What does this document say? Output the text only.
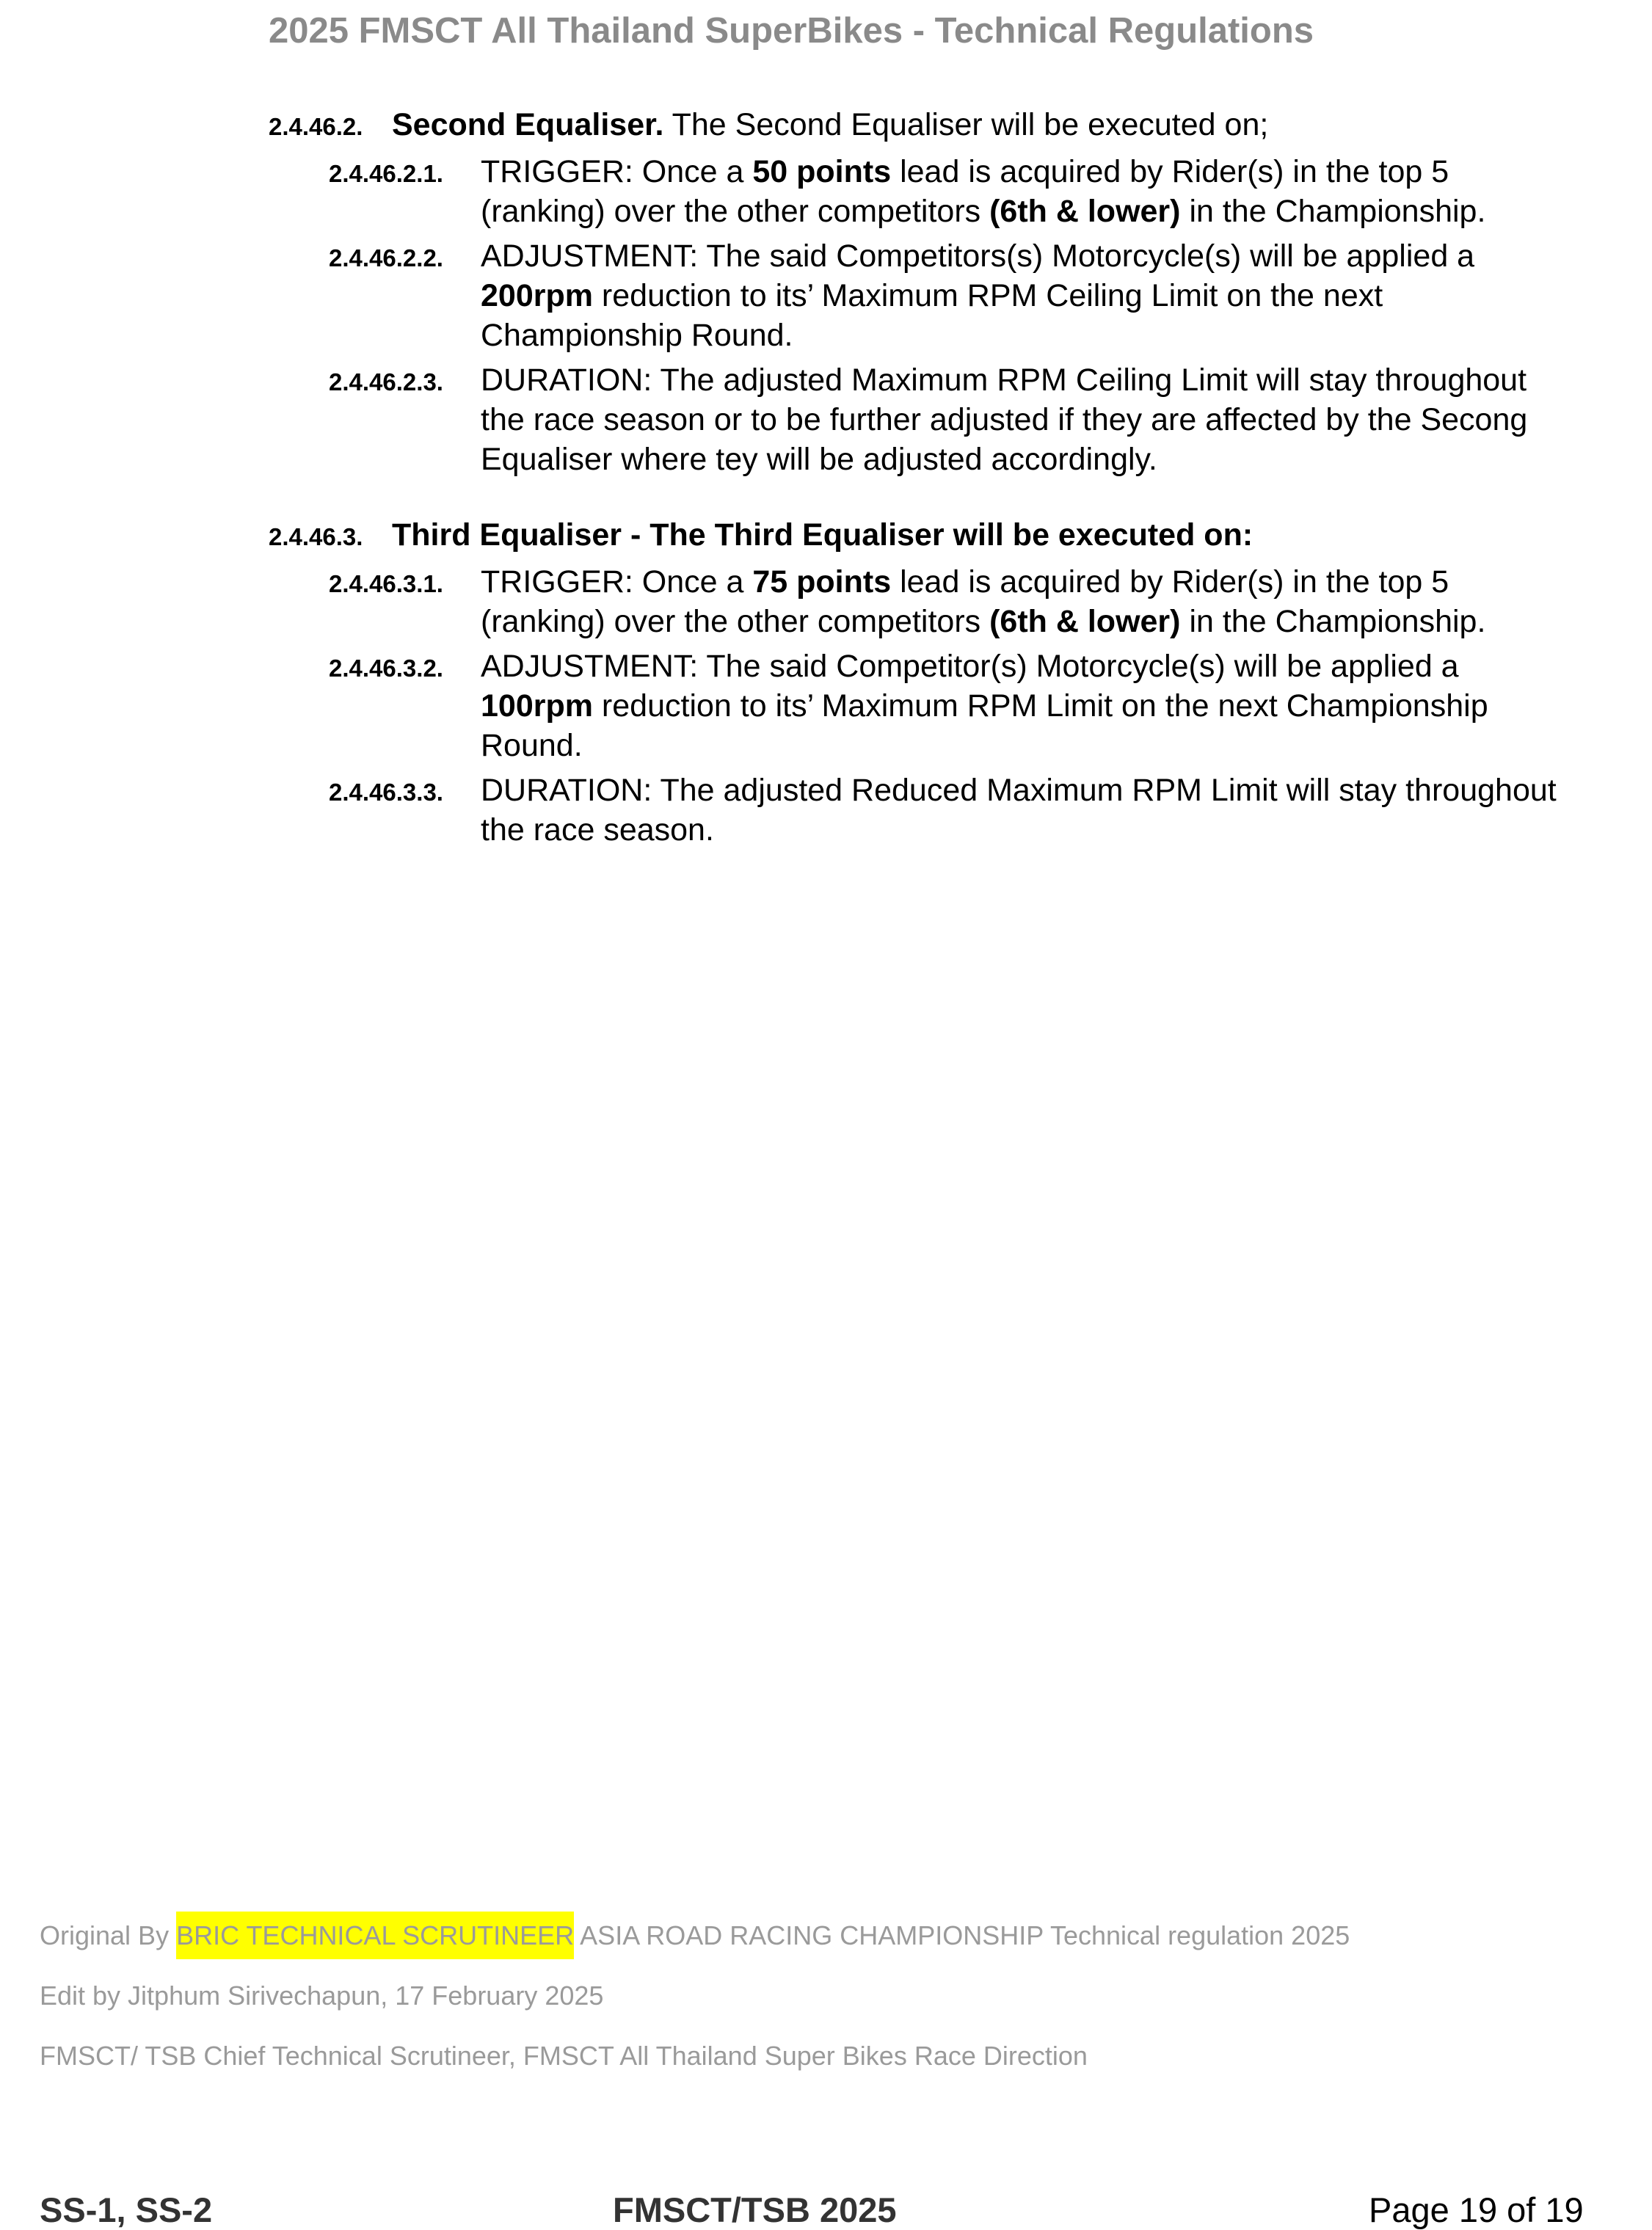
2025 FMSCT All Thailand SuperBikes - Technical Regulations
2.4.46.2. Second Equaliser. The Second Equaliser will be executed on;
2.4.46.2.1.	TRIGGER: Once a 50 points lead is acquired by Rider(s) in the top 5 (ranking) over the other competitors (6th & lower) in the Championship.
2.4.46.2.2.	ADJUSTMENT: The said Competitors(s) Motorcycle(s) will be applied a 200rpm reduction to its’ Maximum RPM Ceiling Limit on the next Championship Round.
2.4.46.2.3.	DURATION: The adjusted Maximum RPM Ceiling Limit will stay throughout the race season or to be further adjusted if they are affected by the Secong Equaliser where tey will be adjusted accordingly.
2.4.46.3. Third Equaliser - The Third Equaliser will be executed on:
2.4.46.3.1.	TRIGGER: Once a 75 points lead is acquired by Rider(s) in the top 5 (ranking) over the other competitors (6th & lower) in the Championship.
2.4.46.3.2.	ADJUSTMENT: The said Competitor(s) Motorcycle(s) will be applied a 100rpm reduction to its’ Maximum RPM Limit on the next Championship Round.
2.4.46.3.3.	DURATION: The adjusted Reduced Maximum RPM Limit will stay throughout the race season.
Original By BRIC TECHNICAL SCRUTINEER ASIA ROAD RACING CHAMPIONSHIP Technical regulation 2025
Edit by Jitphum Sirivechapun, 17 February 2025
FMSCT/ TSB Chief Technical Scrutineer, FMSCT All Thailand Super Bikes Race Direction
SS-1, SS-2	FMSCT/TSB 2025	Page 19 of 19
